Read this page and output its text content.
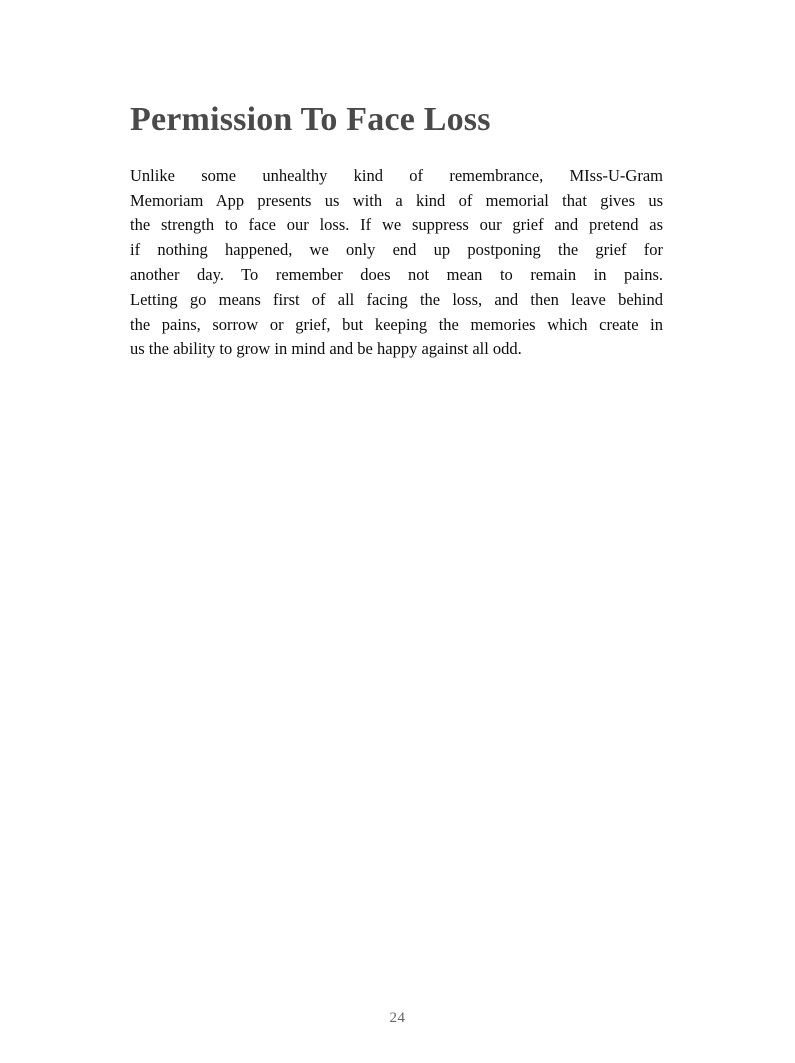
Permission To Face Loss
Unlike some unhealthy kind of remembrance, MIss-U-Gram
Memoriam App presents us with a kind of memorial that gives us
the strength to face our loss. If we suppress our grief and pretend as
if nothing happened, we only end up postponing the grief for
another day. To remember does not mean to remain in pains.
Letting go means first of all facing the loss, and then leave behind
the pains, sorrow or grief, but keeping the memories which create in
us the ability to grow in mind and be happy against all odd.
24
